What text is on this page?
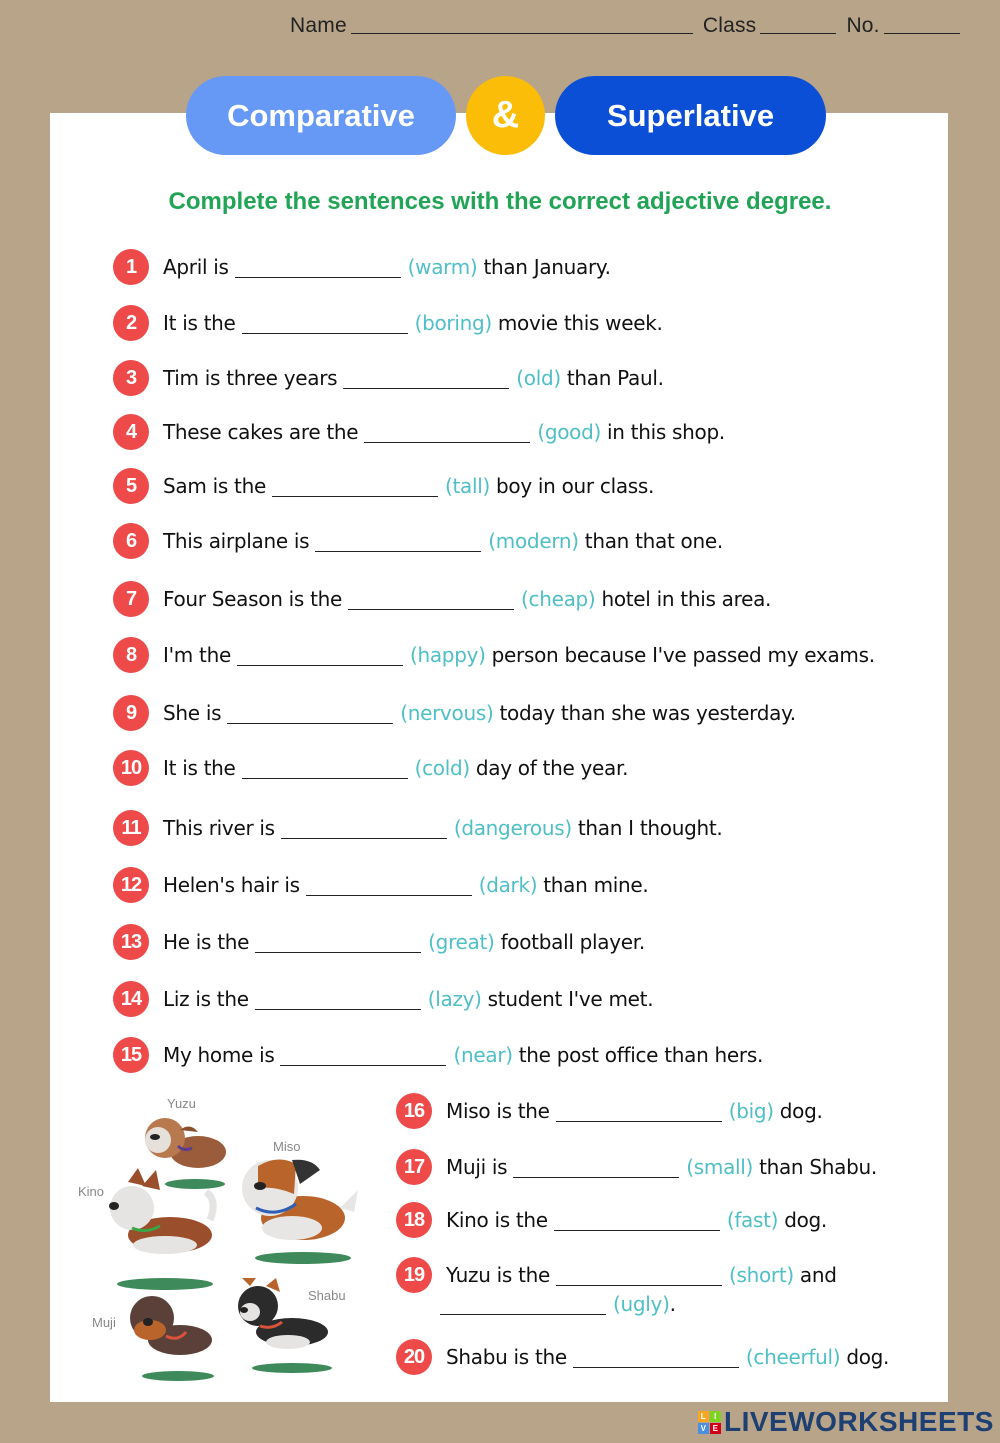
Name	Class	No.
Comparative	&	Superlative
Complete the sentences with the correct adjective degree.
1	April is	(warm) than January.
2	It is the	(boring) movie this week.
3	Tim is three years	(old) than Paul.
4	These cakes are the	(good) in this shop.
5	Sam is the	(tall) boy in our class.
6	This airplane is	(modern) than that one.
7	Four Season is the	(cheap) hotel in this area.
8	I'm the	(happy) person because I've passed my exams.
9	She is	(nervous) today than she was yesterday.
10	It is the	(cold) day of the year.
11	This river is	(dangerous) than I thought.
12	Helen's hair is	(dark) than mine.
13	He is the	(great) football player.
14	Liz is the	(lazy) student I've met.
15	My home is	(near) the post office than hers.
16	Miso is the	(big) dog.
17	Muji is	(small) than Shabu.
18	Kino is the	(fast) dog.
19	Yuzu is the	(short) and
(ugly) .
20	Shabu is the	(cheerful) dog.
Yuzu
Miso
Kino
Muji
Shabu
L I
V E LIVEWORKSHEETS
